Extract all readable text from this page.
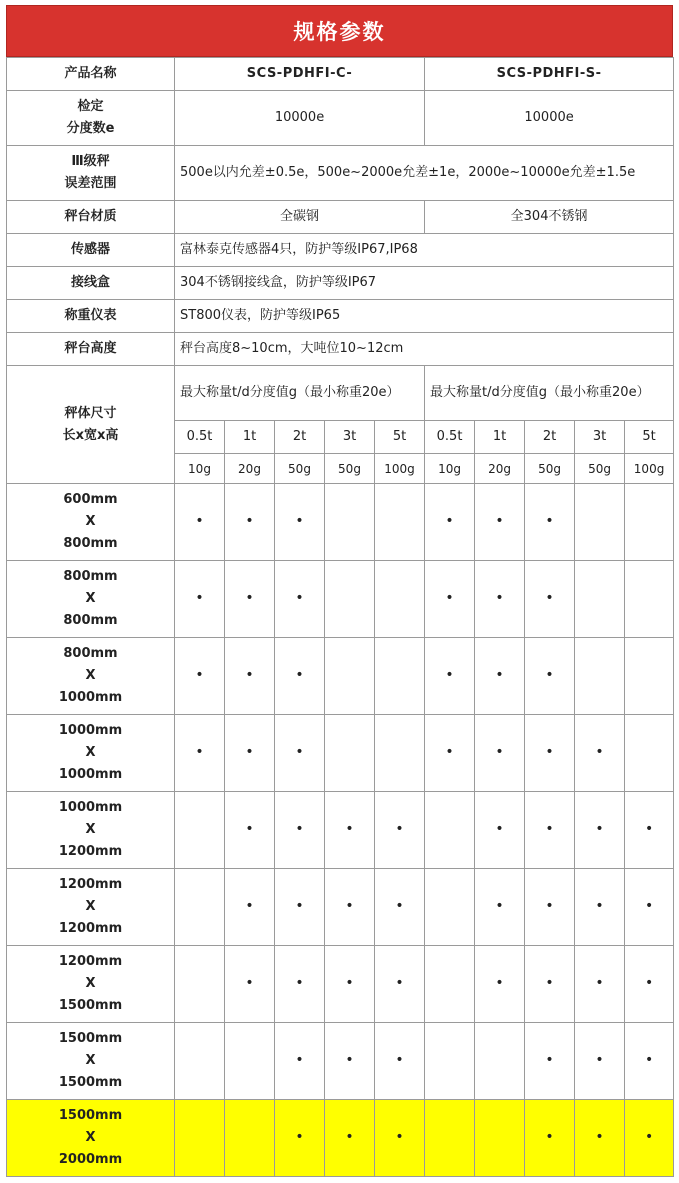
规格参数
产品名称	SCS-PDHFI-C-					SCS-PDHFI-S-				

检定
分度数e	10000e					10000e				

Ⅲ级秤
误差范围	500e以内允差±0.5e，500e~2000e允差±1e，2000e~10000e允差±1.5e									
秤台材质	全碳钢					全304不锈钢				
传感器	富林泰克传感器4只，防护等级IP67,IP68									
接线盒	304不锈钢接线盒，防护等级IP67									
称重仪表	ST800仪表，防护等级IP65									
秤台高度	秤台高度8~10cm，大吨位10~12cm									

秤体尺寸
长x宽x高	最大称量t/d分度值g（最小称重20e）					最大称量t/d分度值g（最小称重20e）				

	0.5t	1t	2t	3t	5t	0.5t	1t	2t	3t	5t
	10g	20g	50g	50g	100g	10g	20g	50g	50g	100g

600mm
X
800mm	•	•	•			•	•	•		

800mm
X
800mm	•	•	•			•	•	•		

800mm
X
1000mm	•	•	•			•	•	•		

1000mm
X
1000mm	•	•	•			•	•	•	•	

1000mm
X
1200mm		•	•	•	•		•	•	•	•

1200mm
X
1200mm		•	•	•	•		•	•	•	•

1200mm
X
1500mm		•	•	•	•		•	•	•	•

1500mm
X
1500mm			•	•	•			•	•	•

1500mm
X
2000mm			•	•	•			•	•	•
